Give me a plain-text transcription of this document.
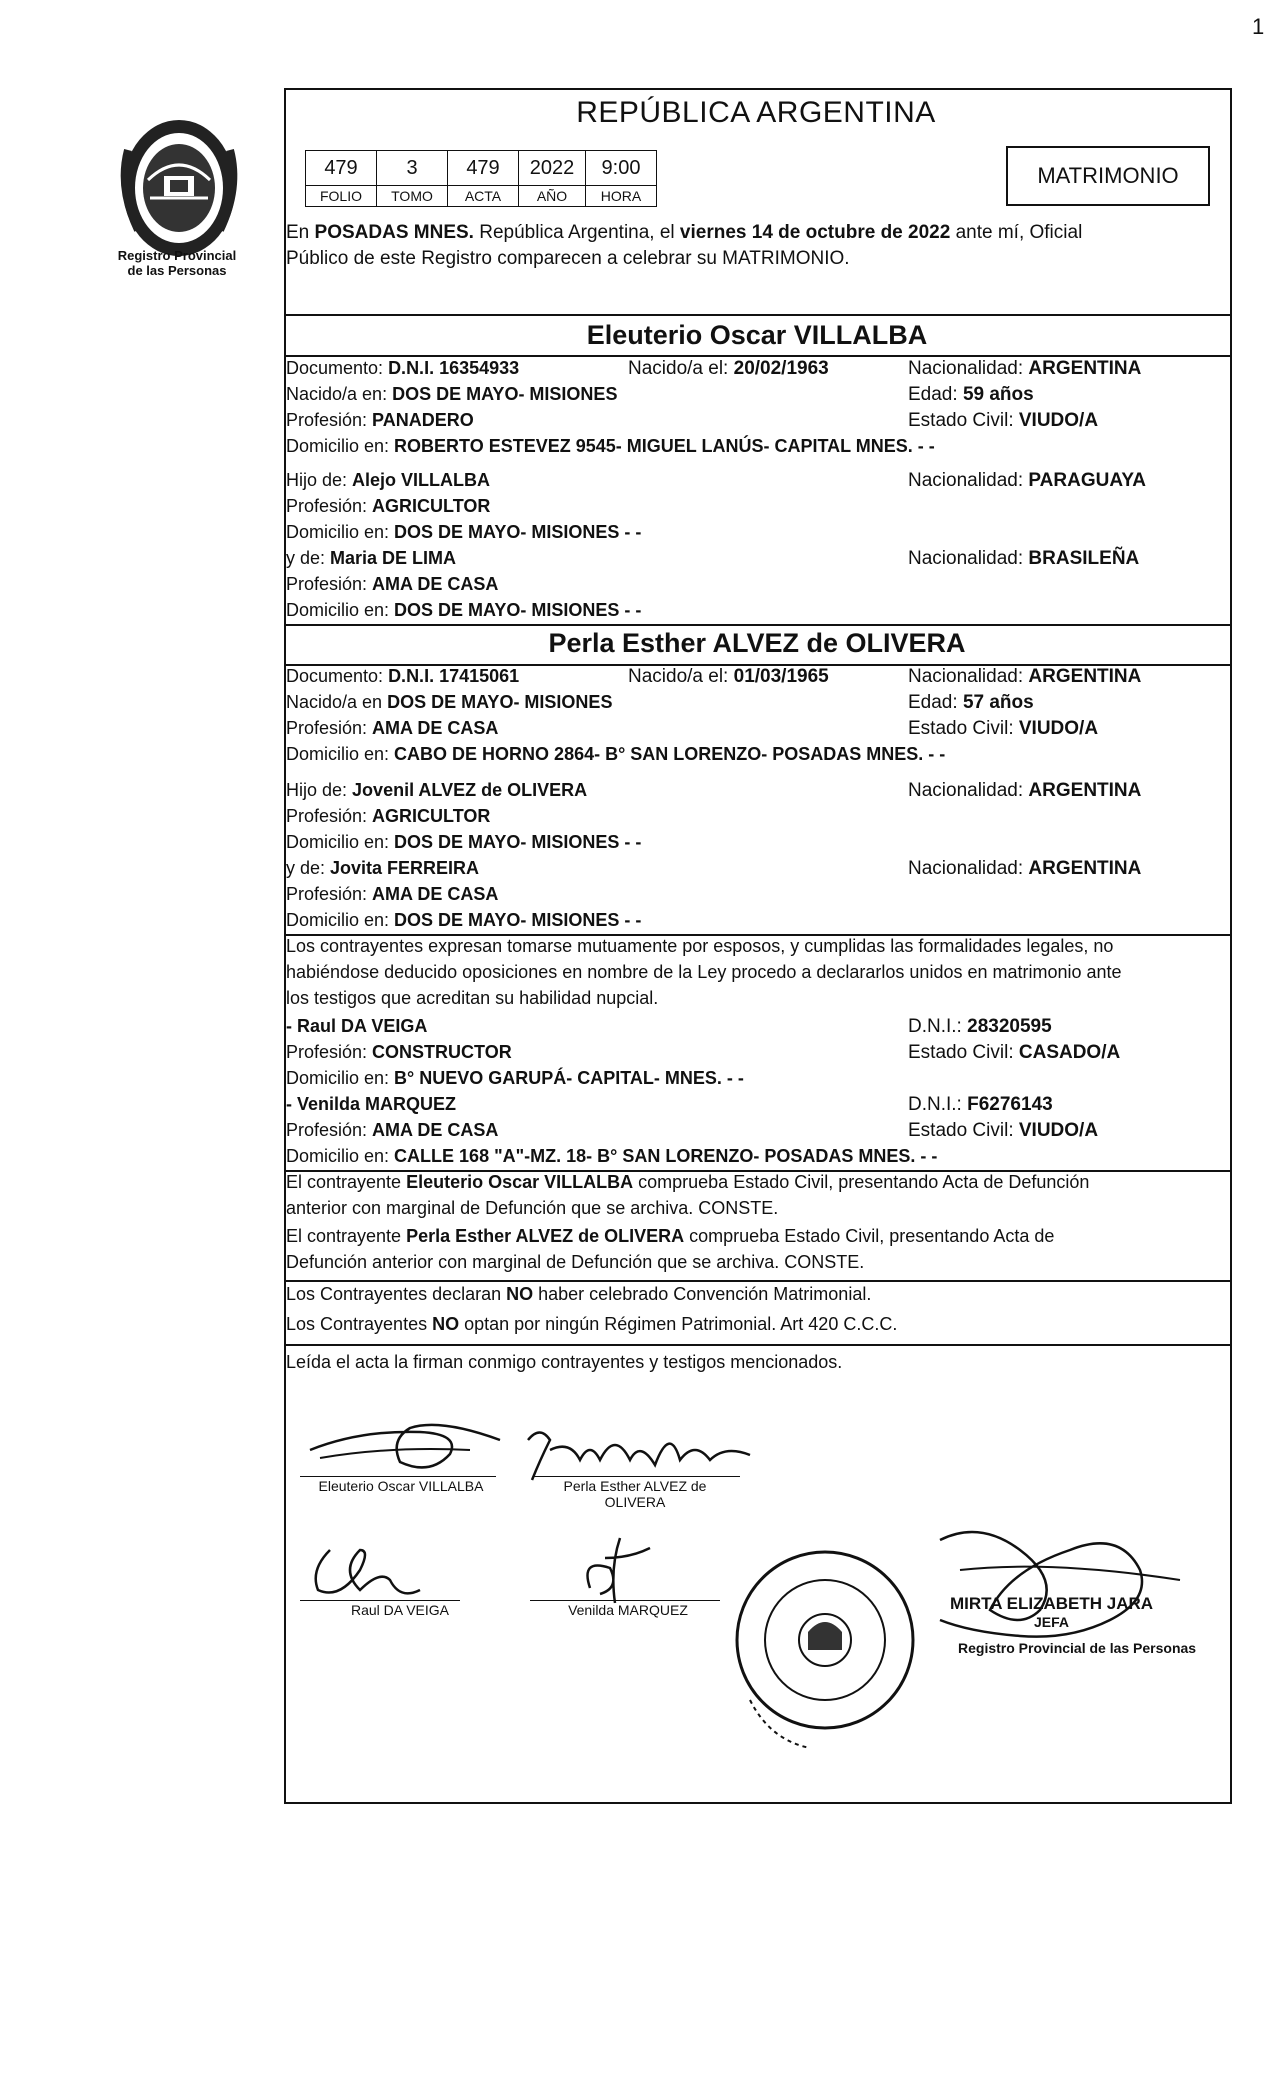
1
Registro Provincial
de las Personas
REPÚBLICA ARGENTINA
479	3	479	2022	9:00
FOLIO	TOMO	ACTA	AÑO	HORA
MATRIMONIO
En POSADAS MNES. República Argentina, el viernes 14 de octubre de 2022 ante mí, Oficial
Público de este Registro comparecen a celebrar su MATRIMONIO.
Eleuterio Oscar VILLALBA
Documento: D.N.I. 16354933	Nacido/a el: 20/02/1963	Nacionalidad: ARGENTINA
Nacido/a en: DOS DE MAYO- MISIONES	Edad: 59 años
Profesión: PANADERO	Estado Civil: VIUDO/A
Domicilio en: ROBERTO ESTEVEZ 9545- MIGUEL LANÚS- CAPITAL MNES. - -
Hijo de: Alejo VILLALBA	Nacionalidad: PARAGUAYA
Profesión: AGRICULTOR
Domicilio en: DOS DE MAYO- MISIONES - -
y de: Maria DE LIMA	Nacionalidad: BRASILEÑA
Profesión: AMA DE CASA
Domicilio en: DOS DE MAYO- MISIONES - -
Perla Esther ALVEZ de OLIVERA
Documento: D.N.I. 17415061	Nacido/a el: 01/03/1965	Nacionalidad: ARGENTINA
Nacido/a en DOS DE MAYO- MISIONES	Edad: 57 años
Profesión: AMA DE CASA	Estado Civil: VIUDO/A
Domicilio en: CABO DE HORNO 2864- B° SAN LORENZO- POSADAS MNES. - -
Hijo de: Jovenil ALVEZ de OLIVERA	Nacionalidad: ARGENTINA
Profesión: AGRICULTOR
Domicilio en: DOS DE MAYO- MISIONES - -
y de: Jovita FERREIRA	Nacionalidad: ARGENTINA
Profesión: AMA DE CASA
Domicilio en: DOS DE MAYO- MISIONES - -
Los contrayentes expresan tomarse mutuamente por esposos, y cumplidas las formalidades legales, no
habiéndose deducido oposiciones en nombre de la Ley procedo a declararlos unidos en matrimonio ante
los testigos que acreditan su habilidad nupcial.
- Raul DA VEIGA	D.N.I.: 28320595
Profesión: CONSTRUCTOR	Estado Civil: CASADO/A
Domicilio en: B° NUEVO GARUPÁ- CAPITAL- MNES. - -
- Venilda MARQUEZ	D.N.I.: F6276143
Profesión: AMA DE CASA	Estado Civil: VIUDO/A
Domicilio en: CALLE 168 "A"-MZ. 18- B° SAN LORENZO- POSADAS MNES. - -
El contrayente Eleuterio Oscar VILLALBA comprueba Estado Civil, presentando Acta de Defunción
anterior con marginal de Defunción que se archiva. CONSTE.
El contrayente Perla Esther ALVEZ de OLIVERA comprueba Estado Civil, presentando Acta de
Defunción anterior con marginal de Defunción que se archiva. CONSTE.
Los Contrayentes declaran NO haber celebrado Convención Matrimonial.
Los Contrayentes NO optan por ningún Régimen Patrimonial. Art 420 C.C.C.
Leída el acta la firman conmigo contrayentes y testigos mencionados.
Eleuterio Oscar VILLALBA	Perla Esther ALVEZ de
OLIVERA
Raul DA VEIGA	Venilda MARQUEZ	MIRTA ELIZABETH JARA
JEFA
Registro Provincial de las Personas
